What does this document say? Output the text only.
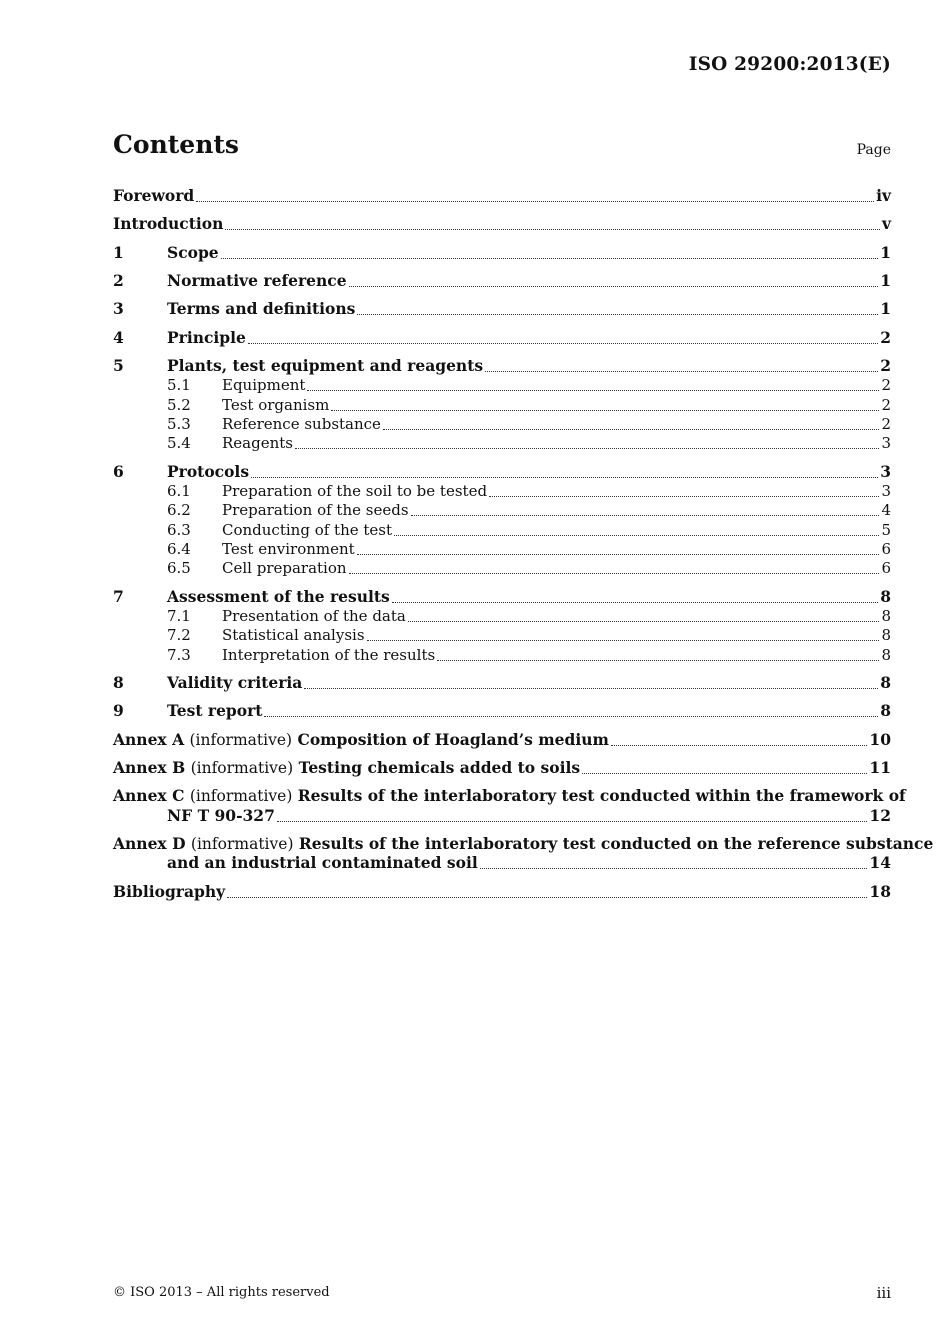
ISO 29200:2013(E)
Contents	Page
Foreword	iv
Introduction	v
1	Scope	1
2	Normative reference	1
3	Terms and definitions	1
4	Principle	2
5	Plants, test equipment and reagents	2
5.1	Equipment	2
5.2	Test organism	2
5.3	Reference substance	2
5.4	Reagents	3
6	Protocols	3
6.1	Preparation of the soil to be tested	3
6.2	Preparation of the seeds	4
6.3	Conducting of the test	5
6.4	Test environment	6
6.5	Cell preparation	6
7	Assessment of the results	8
7.1	Presentation of the data	8
7.2	Statistical analysis	8
7.3	Interpretation of the results	8
8	Validity criteria	8
9	Test report	8
Annex A (informative) Composition of Hoagland’s medium	10
Annex B (informative) Testing chemicals added to soils	11
Annex C (informative) Results of the interlaboratory test conducted within the framework of
NF T 90-327	12
Annex D (informative) Results of the interlaboratory test conducted on the reference substance
and an industrial contaminated soil	14
Bibliography	18
© ISO 2013 – All rights reserved	iii
